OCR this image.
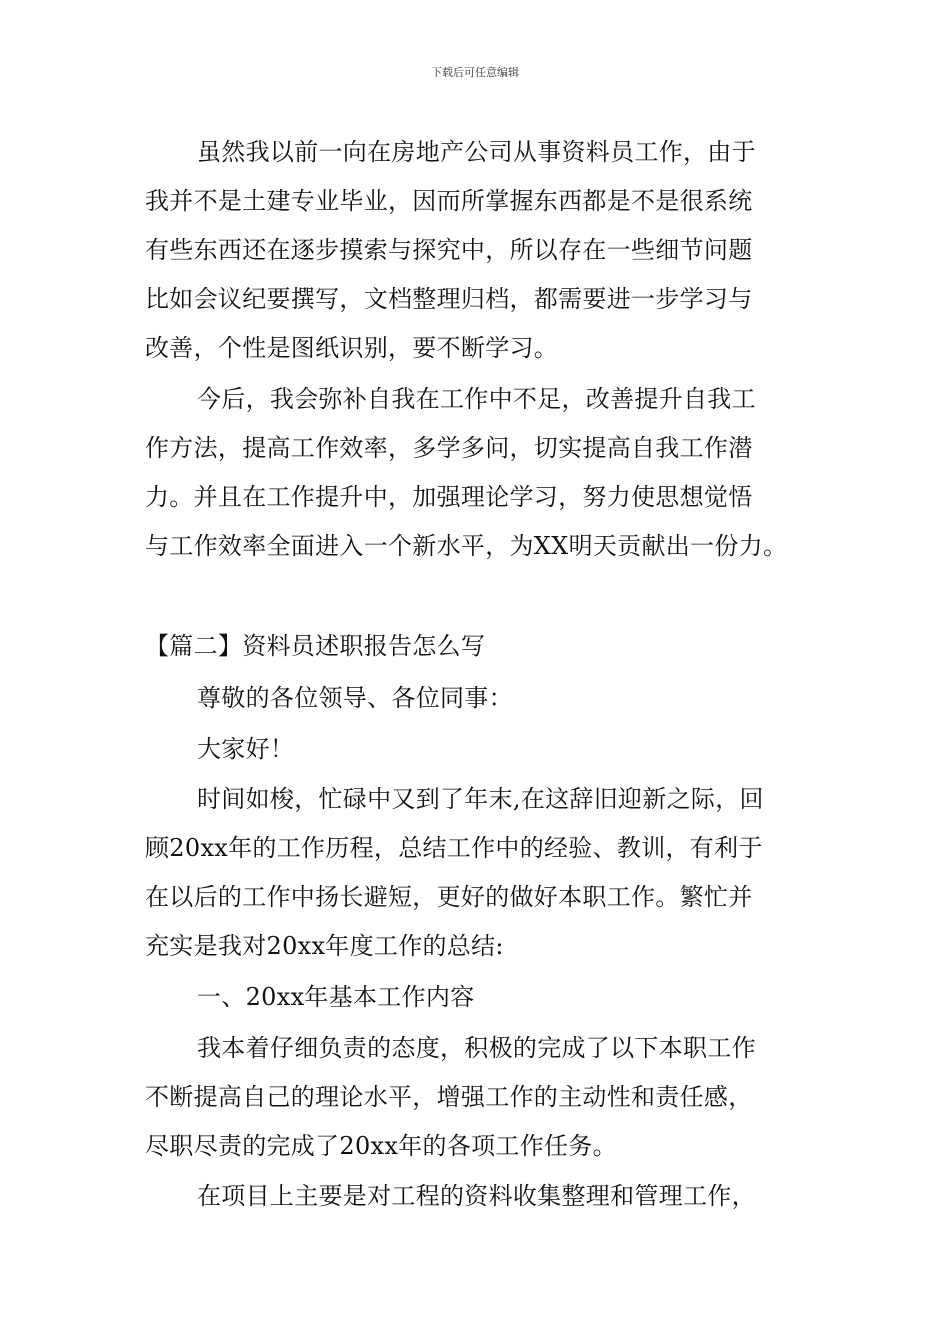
下载后可任意编辑
虽然我以前一向在房地产公司从事资料员工作，由于
我并不是土建专业毕业，因而所掌握东西都是不是很系统
有些东西还在逐步摸索与探究中，所以存在一些细节问题
比如会议纪要撰写，文档整理归档，都需要进一步学习与
改善，个性是图纸识别，要不断学习。
今后，我会弥补自我在工作中不足，改善提升自我工
作方法，提高工作效率，多学多问，切实提高自我工作潜
力。并且在工作提升中，加强理论学习，努力使思想觉悟
与工作效率全面进入一个新水平，为XX明天贡献出一份力。
【篇二】资料员述职报告怎么写
尊敬的各位领导、各位同事：
大家好！
时间如梭，忙碌中又到了年末,在这辞旧迎新之际，回
顾20xx年的工作历程，总结工作中的经验、教训，有利于
在以后的工作中扬长避短，更好的做好本职工作。繁忙并
充实是我对20xx年度工作的总结:
一、20xx年基本工作内容
我本着仔细负责的态度，积极的完成了以下本职工作
不断提高自己的理论水平，增强工作的主动性和责任感，
尽职尽责的完成了20xx年的各项工作任务。
在项目上主要是对工程的资料收集整理和管理工作，
